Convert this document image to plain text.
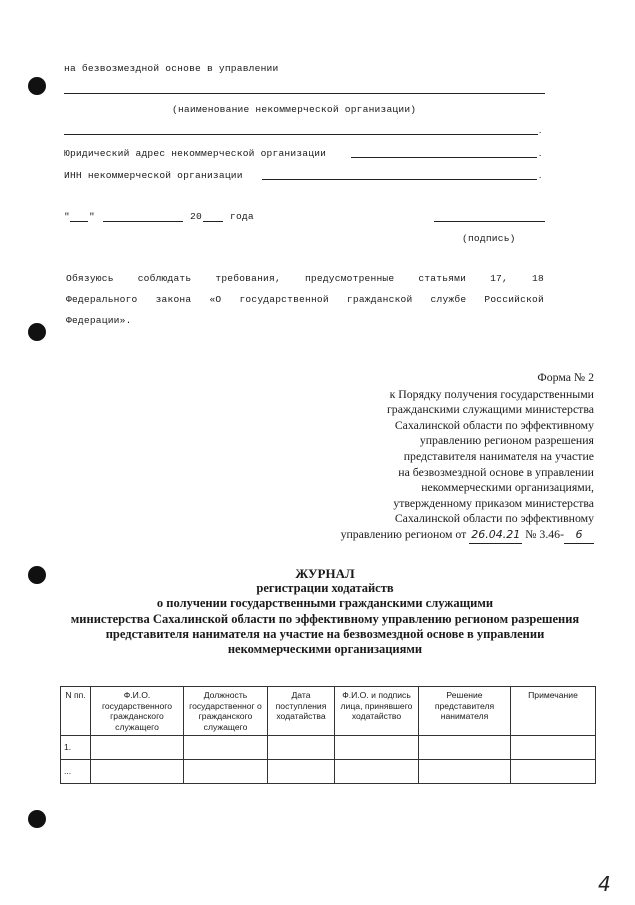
на безвозмездной основе в управлении
(наименование некоммерческой организации)
.
Юридический адрес некоммерческой организации	.
ИНН некоммерческой организации	.
" "	20	года
(подпись)
Обязуюсь	соблюдать	требования,	предусмотренные	статьями	17,	18
Федерального закона «О государственной гражданской службе Российской
Федерации».
Форма № 2
к Порядку получения государственными
гражданскими служащими министерства
Сахалинской области по эффективному
управлению регионом разрешения
представителя нанимателя на участие
на безвозмездной основе в управлении
некоммерческими организациями,
утвержденному приказом министерства
Сахалинской области по эффективному
управлению регионом от 26.04.21 № 3.46- 6
ЖУРНАЛ
регистрации ходатайств
о получении государственными гражданскими служащими
министерства Сахалинской области по эффективному управлению регионом разрешения
представителя нанимателя на участие на безвозмездной основе в управлении
некоммерческими организациями
N пп.	Ф.И.О. государственного гражданского служащего	Должность государственног о гражданского служащего	Дата поступления ходатайства	Ф.И.О. и подпись лица, принявшего ходатайство	Решение представителя нанимателя	Примечание
1.						
...						
4
